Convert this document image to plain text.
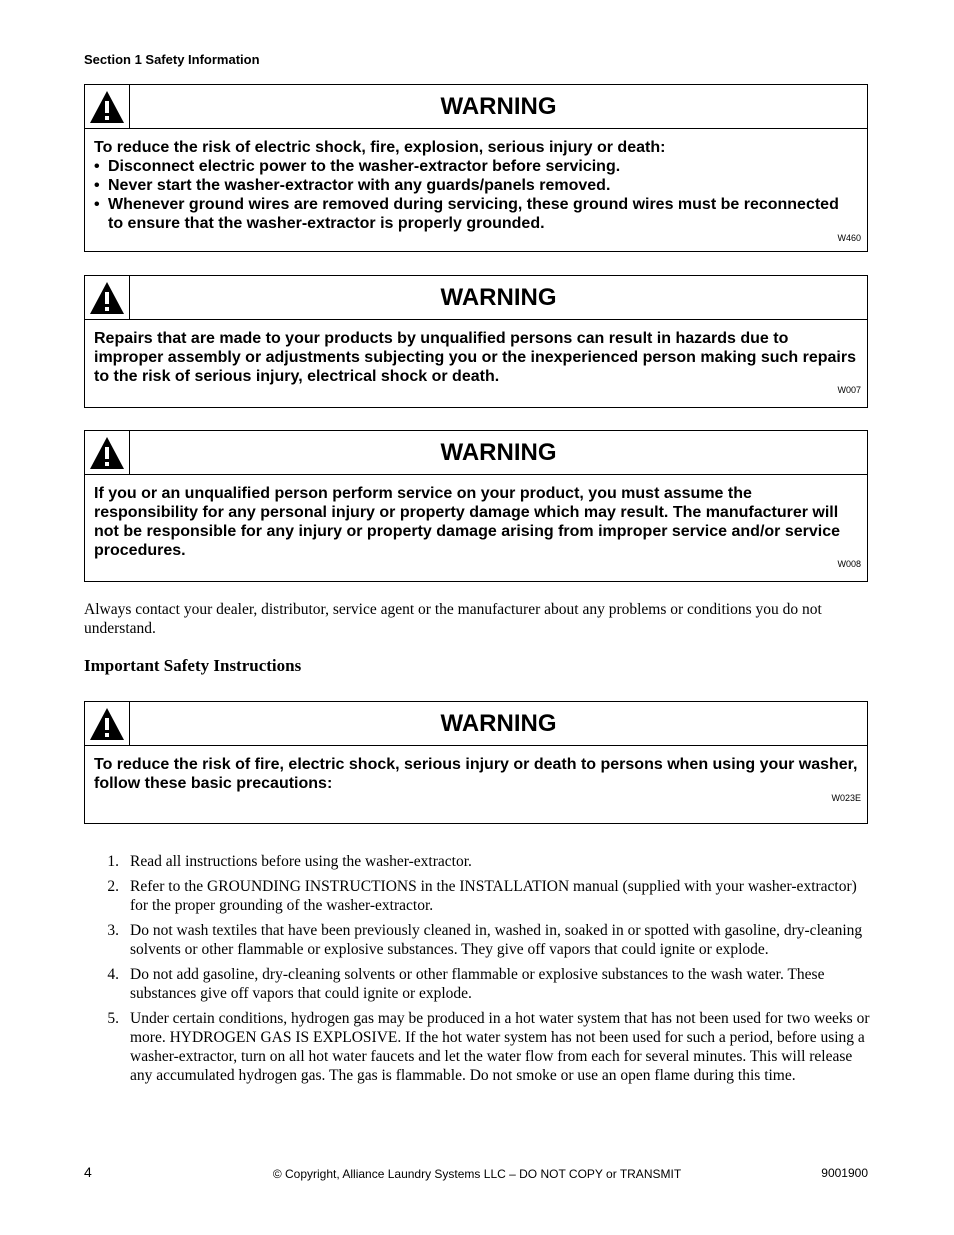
Section 1 Safety Information
WARNING

To reduce the risk of electric shock, fire, explosion, serious injury or death:

• Disconnect electric power to the washer-extractor before servicing.
• Never start the washer-extractor with any guards/panels removed.
• Whenever ground wires are removed during servicing, these ground wires must be reconnected to ensure that the washer-extractor is properly grounded.
W460
WARNING

Repairs that are made to your products by unqualified persons can result in hazards due to improper assembly or adjustments subjecting you or the inexperienced person making such repairs to the risk of serious injury, electrical shock or death.

W007
WARNING

If you or an unqualified person perform service on your product, you must assume the responsibility for any personal injury or property damage which may result. The manufacturer will not be responsible for any injury or property damage arising from improper service and/or service procedures.

W008

Always contact your dealer, distributor, service agent or the manufacturer about any problems or conditions you do not understand.

Important Safety Instructions
WARNING

To reduce the risk of fire, electric shock, serious injury or death to persons when using your washer, follow these basic precautions:

W023E
1. Read all instructions before using the washer-extractor.
2. Refer to the GROUNDING INSTRUCTIONS in the INSTALLATION manual (supplied with your washer-extractor) for the proper grounding of the washer-extractor.
3. Do not wash textiles that have been previously cleaned in, washed in, soaked in or spotted with gasoline, dry-cleaning solvents or other flammable or explosive substances. They give off vapors that could ignite or explode.
4. Do not add gasoline, dry-cleaning solvents or other flammable or explosive substances to the wash water. These substances give off vapors that could ignite or explode.
5. Under certain conditions, hydrogen gas may be produced in a hot water system that has not been used for two weeks or more. HYDROGEN GAS IS EXPLOSIVE. If the hot water system has not been used for such a period, before using a washer-extractor, turn on all hot water faucets and let the water flow from each for several minutes. This will release any accumulated hydrogen gas. The gas is flammable. Do not smoke or use an open flame during this time.
4	© Copyright, Alliance Laundry Systems LLC – DO NOT COPY or TRANSMIT	9001900
